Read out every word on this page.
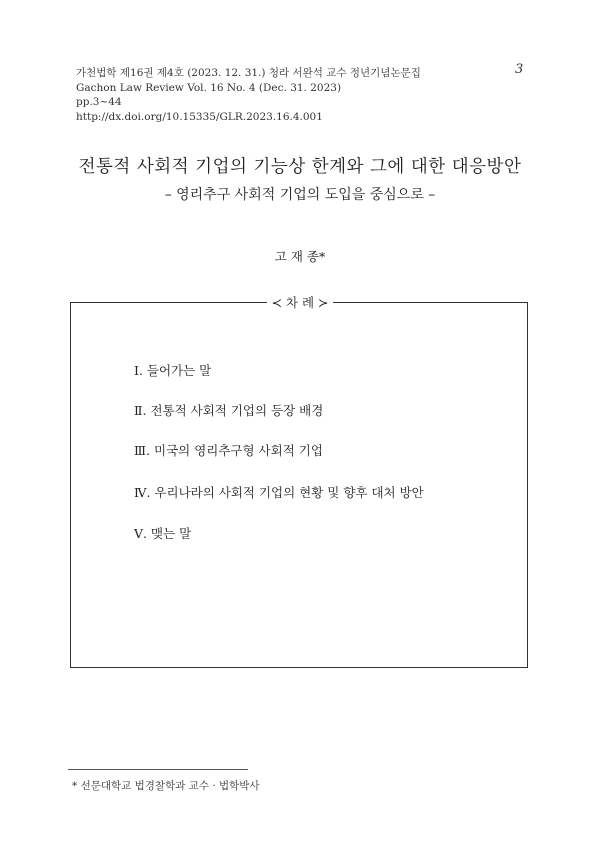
가천법학 제16권 제4호 (2023. 12. 31.) 청라 서완석 교수 정년기념논문집
Gachon Law Review Vol. 16 No. 4 (Dec. 31. 2023)
pp.3~44
http://dx.doi.org/10.15335/GLR.2023.16.4.001
3
전통적 사회적 기업의 기능상 한계와 그에 대한 대응방안
– 영리추구 사회적 기업의 도입을 중심으로 –
고 재 종*
≺ 차 례 ≻
Ⅰ. 들어가는 말
Ⅱ. 전통적 사회적 기업의 등장 배경
Ⅲ. 미국의 영리추구형 사회적 기업
Ⅳ. 우리나라의 사회적 기업의 현황 및 향후 대처 방안
Ⅴ. 맺는 말
* 선문대학교 법경찰학과 교수 · 법학박사
